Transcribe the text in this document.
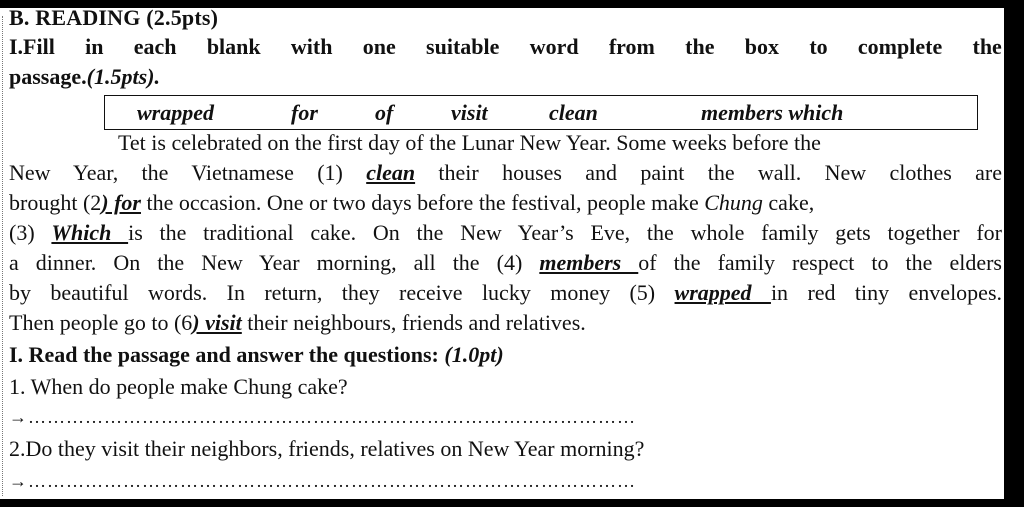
B. READING (2.5pts)
I.Fill in each blank with one suitable word from the box to complete the
passage.(1.5pts).
wrapped	for	of	visit	clean	members which
Tet is celebrated on the first day of the Lunar New Year. Some weeks before the
New Year, the Vietnamese (1) clean their houses and paint the wall. New clothes are
brought (2) for the occasion. One or two days before the festival, people make Chung cake,
(3) Which is the traditional cake. On the New Year’s Eve, the whole family gets together for
a dinner. On the New Year morning, all the (4) members of the family respect to the elders
by beautiful words. In return, they receive lucky money (5) wrapped in red tiny envelopes.
Then people go to (6) visit their neighbours, friends and relatives.
I. Read the passage and answer the questions: (1.0pt)
1. When do people make Chung cake?
→……………………………………………………………………………………
2.Do they visit their neighbors, friends, relatives on New Year morning?
→……………………………………………………………………………………
